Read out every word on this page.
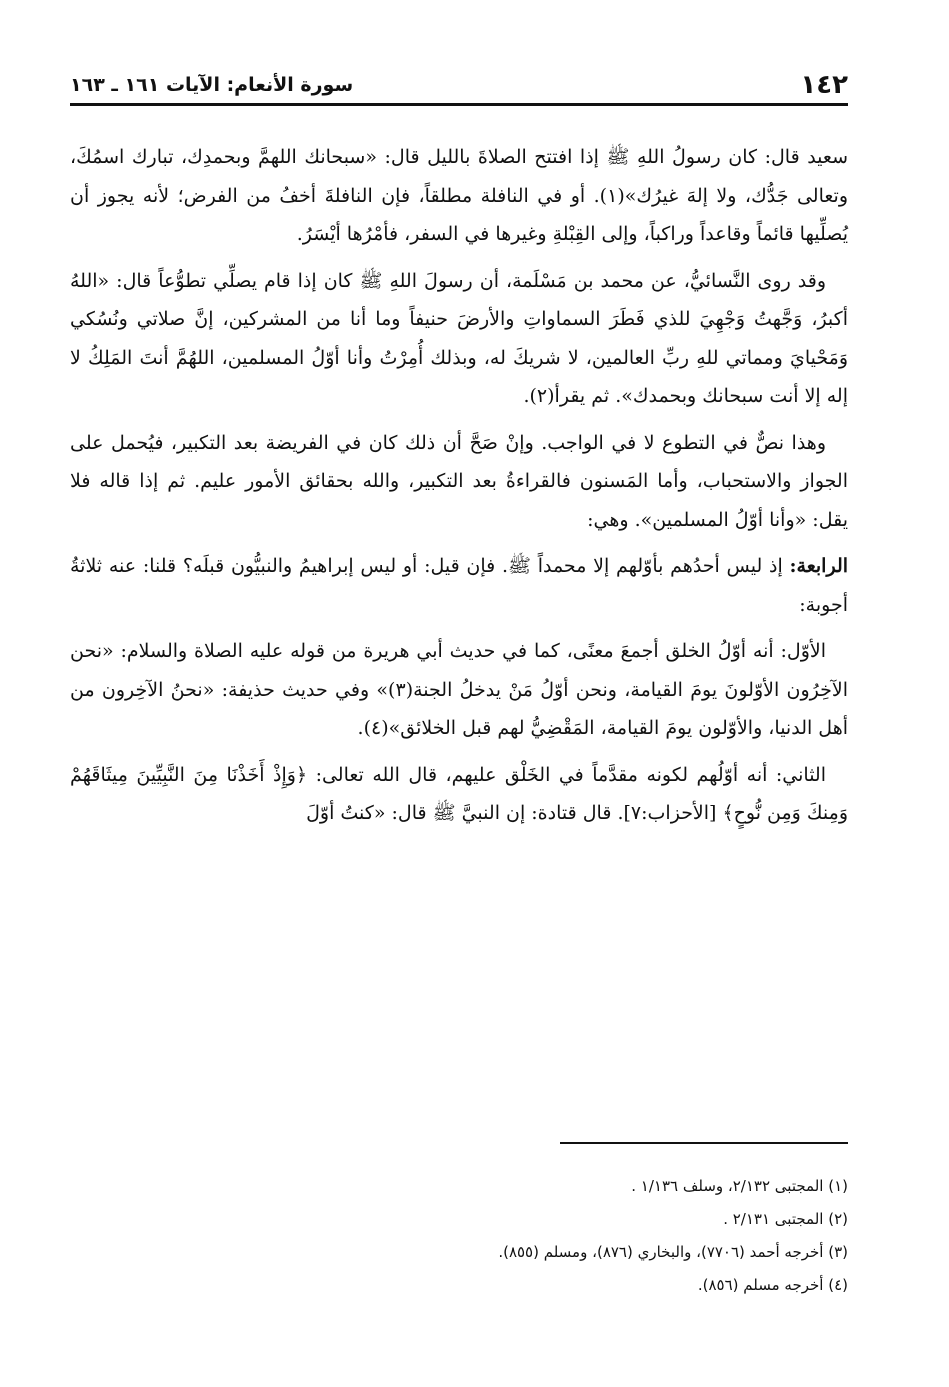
١٤٢
سورة الأنعام: الآيات ١٦١ ـ ١٦٣

سعيد قال: كان رسولُ اللهِ ﷺ إذا افتتح الصلاةَ بالليل قال: «سبحانك اللهمَّ وبحمدِك، تبارك اسمُكَ، وتعالى جَدُّك، ولا إلهَ غيرُك»(١). أو في النافلة مطلقاً، فإن النافلةَ أخفُ من الفرض؛ لأنه يجوز أن يُصلِّيها قائماً وقاعداً وراكباً، وإلى القِبْلةِ وغيرها في السفر، فأمْرُها أيْسَرُ.

وقد روى النَّسائيُّ، عن محمد بن مَسْلَمة، أن رسولَ اللهِ ﷺ كان إذا قام يصلِّي تطوُّعاً قال: «اللهُ أكبرُ، وَجَّهتُ وَجْهِيَ للذي فَطَرَ السماواتِ والأرضَ حنيفاً وما أنا من المشركين، إنَّ صلاتي ونُسُكي وَمَحْيايَ ومماتي للهِ ربِّ العالمين، لا شريكَ له، وبذلك أُمِرْتُ وأنا أوّلُ المسلمين، اللهُمَّ أنتَ المَلِكُ لا إله إلا أنت سبحانك وبحمدك». ثم يقرأ(٢).

وهذا نصٌّ في التطوع لا في الواجب. وإنْ صَحَّ أن ذلك كان في الفريضة بعد التكبير، فيُحمل على الجواز والاستحباب، وأما المَسنون فالقراءةُ بعد التكبير، والله بحقائق الأمور عليم. ثم إذا قاله فلا يقل: «وأنا أوّلُ المسلمين». وهي:

الرابعة: إذ ليس أحدُهم بأوّلهم إلا محمداً ﷺ. فإن قيل: أو ليس إبراهيمُ والنبيُّون قبلَه؟ قلنا: عنه ثلاثةُ أجوبة:

الأوّل: أنه أوّلُ الخلق أجمعَ معنًى، كما في حديث أبي هريرة من قوله عليه الصلاة والسلام: «نحن الآخِرُون الأوّلونَ يومَ القيامة، ونحن أوّلُ مَنْ يدخلُ الجنة(٣)» وفي حديث حذيفة: «نحنُ الآخِرون من أهل الدنيا، والأوّلون يومَ القيامة، المَقْضِيُّ لهم قبل الخلائق»(٤).

الثاني: أنه أوّلُهم لكونه مقدَّماً في الخَلْق عليهم، قال الله تعالى: ﴿وَإِذْ أَخَذْنَا مِنَ النَّبِيِّينَ مِيثَاقَهُمْ وَمِنكَ وَمِن نُّوحٍ﴾ [الأحزاب:٧]. قال قتادة: إن النبيَّ ﷺ قال: «كنتُ أوّلَ

(١) المجتبى ٢/١٣٢، وسلف ١/١٣٦ .
(٢) المجتبى ٢/١٣١ .
(٣) أخرجه أحمد (٧٧٠٦)، والبخاري (٨٧٦)، ومسلم (٨٥٥).
(٤) أخرجه مسلم (٨٥٦).
